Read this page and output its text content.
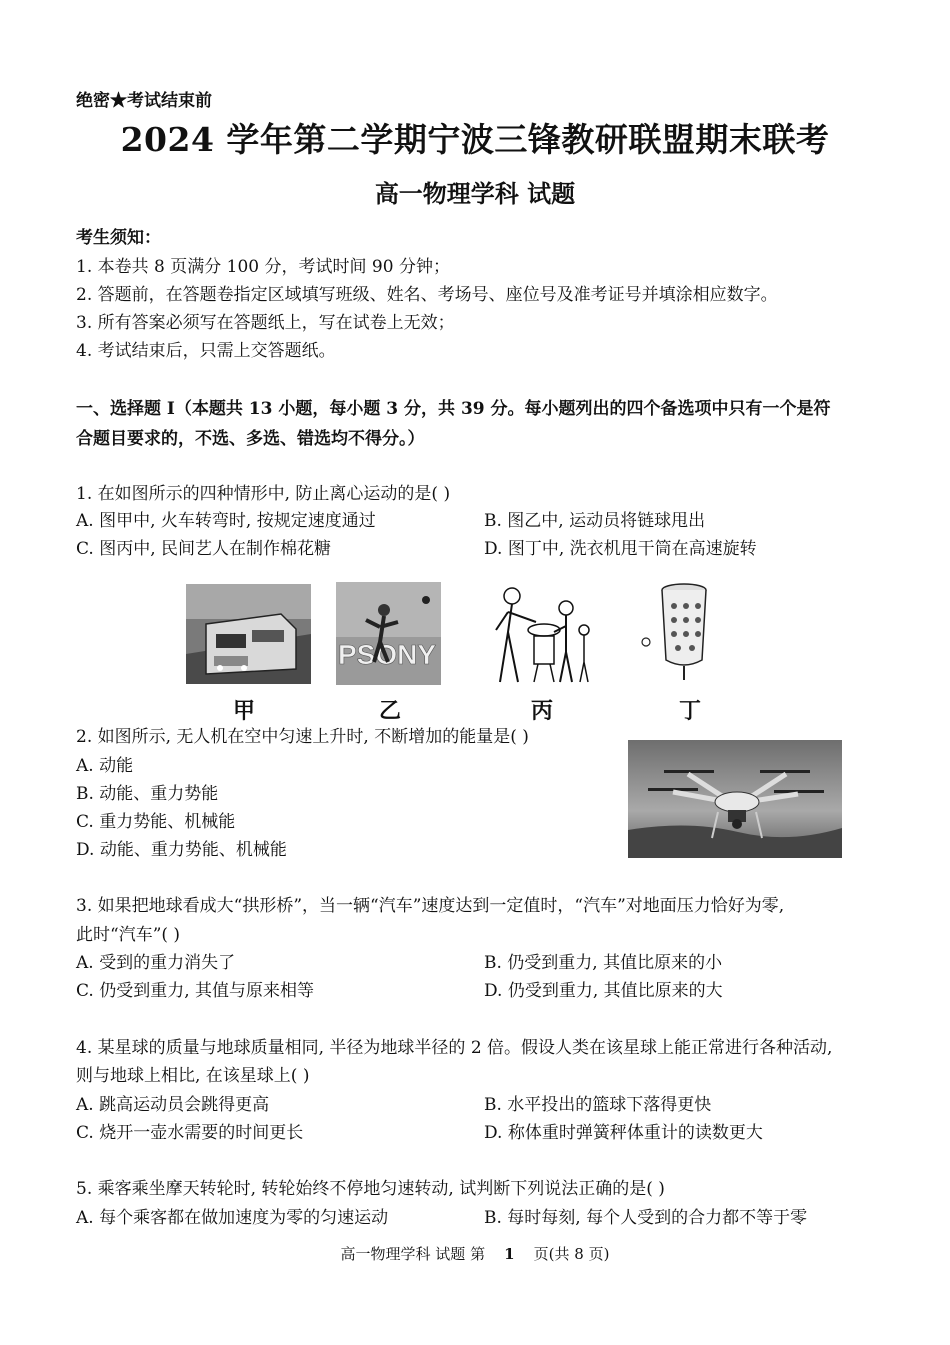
绝密★考试结束前
2024 学年第二学期宁波三锋教研联盟期末联考
高一物理学科 试题
考生须知：
1. 本卷共 8 页满分 100 分，考试时间 90 分钟；
2. 答题前，在答题卷指定区域填写班级、姓名、考场号、座位号及准考证号并填涂相应数字。
3. 所有答案必须写在答题纸上，写在试卷上无效；
4. 考试结束后，只需上交答题纸。
一、选择题 I（本题共 13 小题，每小题 3 分，共 39 分。每小题列出的四个备选项中只有一个是符
合题目要求的，不选、多选、错选均不得分。）
1. 在如图所示的四种情形中, 防止离心运动的是( )
A. 图甲中, 火车转弯时, 按规定速度通过	B. 图乙中, 运动员将链球甩出
C. 图丙中, 民间艺人在制作棉花糖	D. 图丁中, 洗衣机甩干筒在高速旋转
PSONY
甲	乙	丙	丁
2. 如图所示, 无人机在空中匀速上升时, 不断增加的能量是( )
A. 动能
B. 动能、重力势能
C. 重力势能、机械能
D. 动能、重力势能、机械能
3. 如果把地球看成大“拱形桥”，当一辆“汽车”速度达到一定值时，“汽车”对地面压力恰好为零,
此时“汽车”( )
A. 受到的重力消失了	B. 仍受到重力, 其值比原来的小
C. 仍受到重力, 其值与原来相等	D. 仍受到重力, 其值比原来的大
4. 某星球的质量与地球质量相同, 半径为地球半径的 2 倍。假设人类在该星球上能正常进行各种活动,
则与地球上相比, 在该星球上( )
A. 跳高运动员会跳得更高	B. 水平投出的篮球下落得更快
C. 烧开一壶水需要的时间更长	D. 称体重时弹簧秤体重计的读数更大
5. 乘客乘坐摩天转轮时, 转轮始终不停地匀速转动, 试判断下列说法正确的是( )
A. 每个乘客都在做加速度为零的匀速运动	B. 每时每刻, 每个人受到的合力都不等于零
高一物理学科 试题 第 1 页(共 8 页)
